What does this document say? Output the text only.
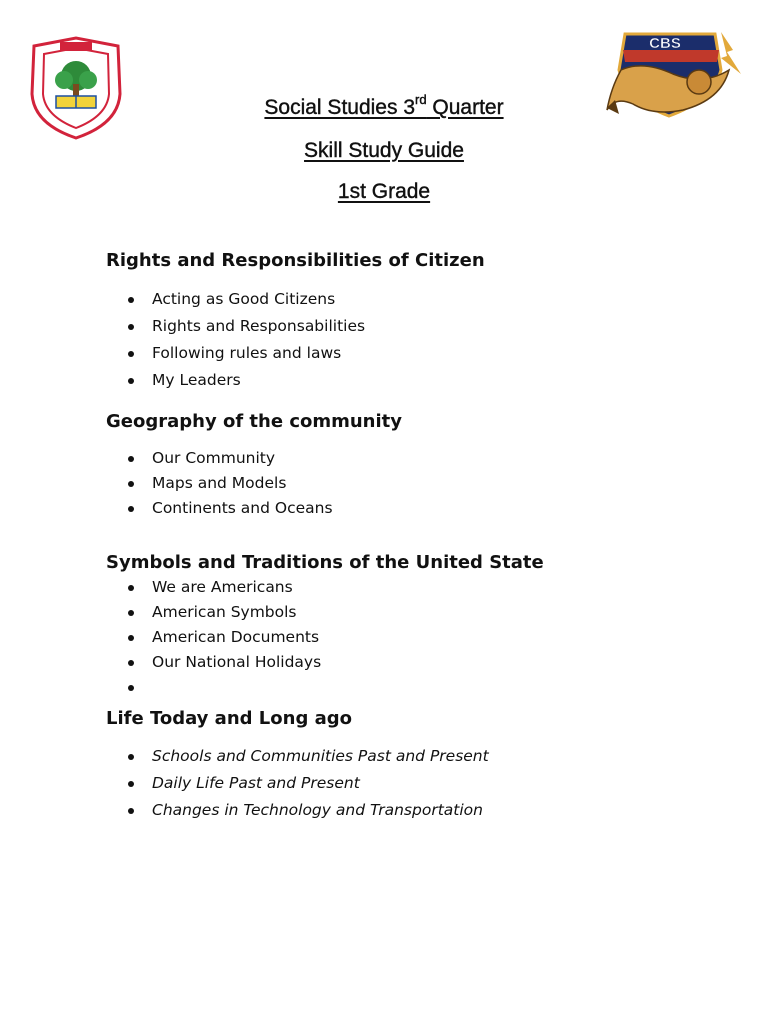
CBS
Social Studies 3rd Quarter
Skill Study Guide
1st Grade
Rights and Responsibilities of Citizen
Acting as Good Citizens
Rights and Responsabilities
Following rules and laws
My Leaders
Geography of the community
Our Community
Maps and Models
Continents and Oceans
Symbols and Traditions of the United State
We are Americans
American Symbols
American Documents
Our National Holidays
Life Today and Long ago
Schools and Communities Past and Present
Daily Life Past and Present
Changes in Technology and Transportation
